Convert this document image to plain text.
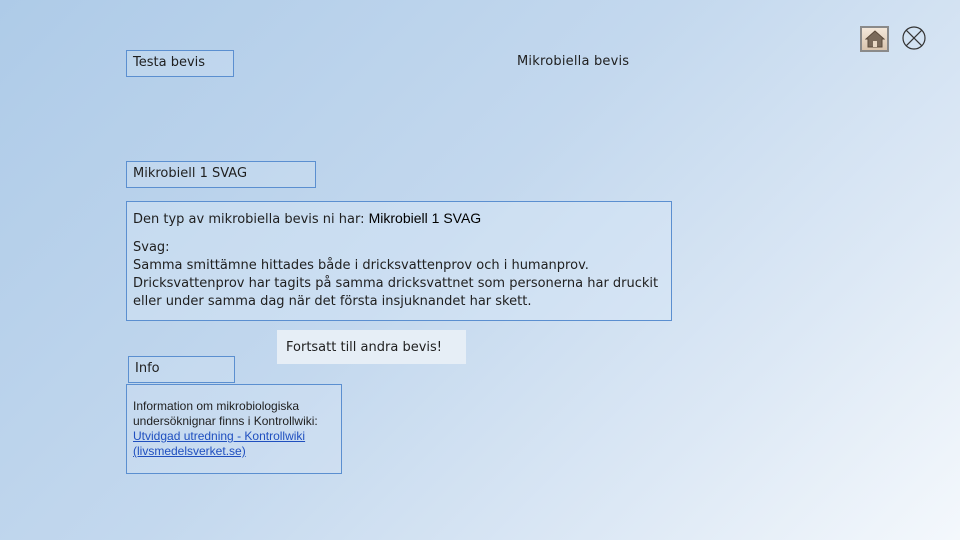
Testa bevis	Mikrobiella bevis
Mikrobiell 1 SVAG
Den typ av mikrobiella bevis ni har: Mikrobiell 1 SVAG
Svag:
Samma smittämne hittades både i dricksvattenprov och i humanprov.
Dricksvattenprov har tagits på samma dricksvattnet som personerna har druckit
eller under samma dag när det första insjuknandet har skett.
Fortsatt till andra bevis!
Info
Information om mikrobiologiska undersöknignar finns i Kontrollwiki:
Utvidgad utredning - Kontrollwiki (livsmedelsverket.se)
